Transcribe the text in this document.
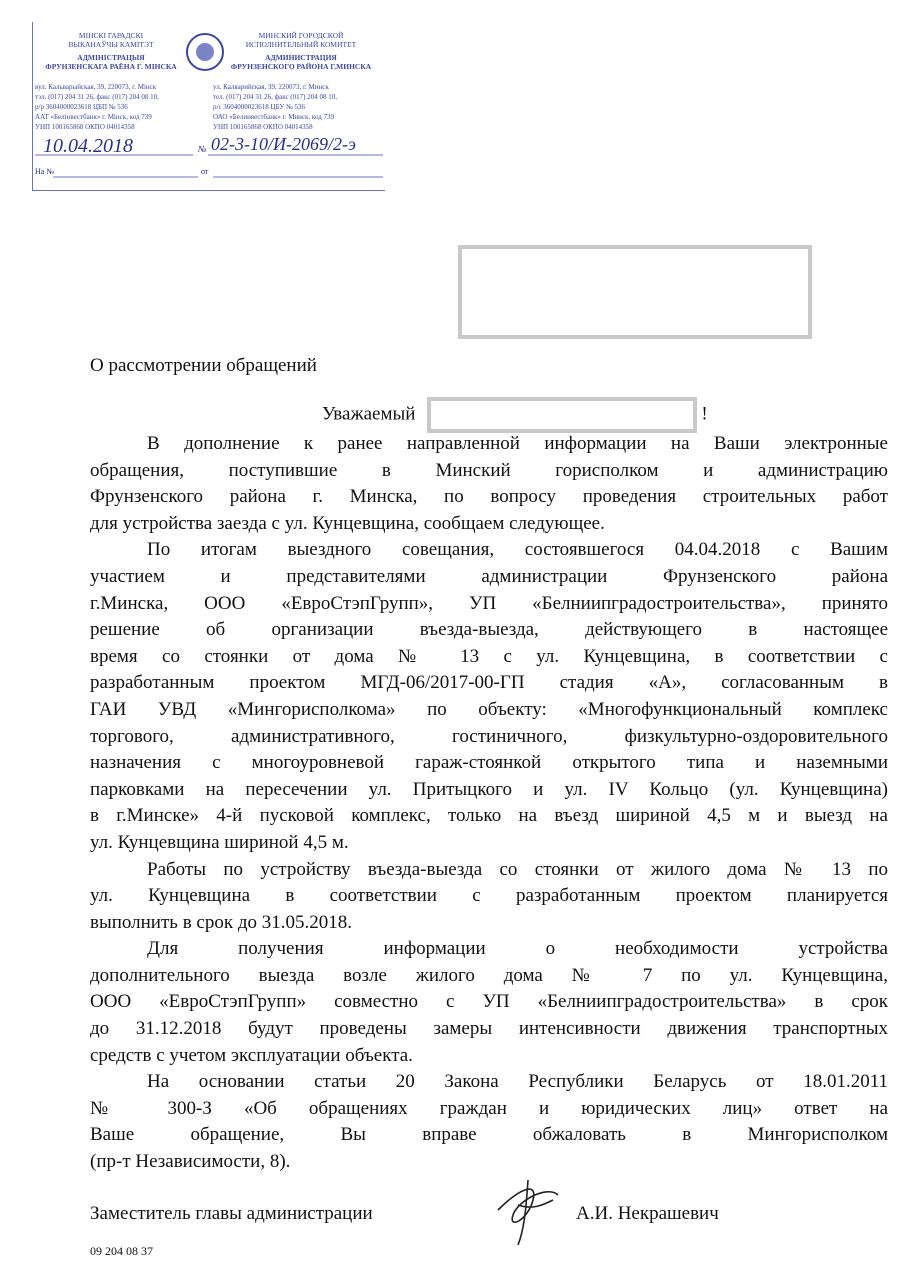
МІНСКІ ГАРАДСКІ
ВЫКАНАЎЧЫ КАМІТЭТ
АДМІНІСТРАЦЫЯ
ФРУНЗЕНСКАГА РАЁНА Г. МІНСКА
МИНСКИЙ ГОРОДСКОЙ
ИСПОЛНИТЕЛЬНЫЙ КОМИТЕТ
АДМИНИСТРАЦИЯ
ФРУНЗЕНСКОГО РАЙОНА Г.МИНСКА
вул. Кальварыйская, 39, 220073, г. Мінск
тэл. (017) 204 31 26, факс (017) 204 08 10,
р/р 3604000023618 ЦБП № 536
ААТ «Белінвестбанк» г. Мінск, код 739
УНП 100165868 ОКПО 04014358
ул. Калварийская, 39, 220073, г. Минск
тел. (017) 204 31 26, факс (017) 204 08 10,
р/с 3604000023618 ЦБУ № 536
ОАО «Белинвестбанк» г. Минск, код 739
УНП 100165868 ОКПО 04014358
10.04.2018	№ 02-3-10/И-2069/2-э
На №	от
О рассмотрении обращений
Уважаемый	!
В дополнение к ранее направленной информации на Ваши электронные
обращения, поступившие в Минский горисполком и администрацию
Фрунзенского района г. Минска, по вопросу проведения строительных работ
для устройства заезда с ул. Кунцевщина, сообщаем следующее.
По итогам выездного совещания, состоявшегося 04.04.2018 с Вашим
участием и представителями администрации Фрунзенского района
г.Минска, ООО «ЕвроСтэпГрупп», УП «Белниипградостроительства», принято
решение об организации въезда-выезда, действующего в настоящее
время со стоянки от дома № 13 с ул. Кунцевщина, в соответствии с
разработанным проектом МГД-06/2017-00-ГП стадия «А», согласованным в
ГАИ УВД «Мингорисполкома» по объекту: «Многофункциональный комплекс
торгового, административного, гостиничного, физкультурно-оздоровительного
назначения с многоуровневой гараж-стоянкой открытого типа и наземными
парковками на пересечении ул. Притыцкого и ул. IV Кольцо (ул. Кунцевщина)
в г.Минске» 4-й пусковой комплекс, только на въезд шириной 4,5 м и выезд на
ул. Кунцевщина шириной 4,5 м.
Работы по устройству въезда-выезда со стоянки от жилого дома № 13 по
ул. Кунцевщина в соответствии с разработанным проектом планируется
выполнить в срок до 31.05.2018.
Для получения информации о необходимости устройства
дополнительного выезда возле жилого дома № 7 по ул. Кунцевщина,
ООО «ЕвроСтэпГрупп» совместно с УП «Белниипградостроительства» в срок
до 31.12.2018 будут проведены замеры интенсивности движения транспортных
средств с учетом эксплуатации объекта.
На основании статьи 20 Закона Республики Беларусь от 18.01.2011
№ 300-З «Об обращениях граждан и юридических лиц» ответ на
Ваше обращение, Вы вправе обжаловать в Мингорисполком
(пр-т Независимости, 8).
Заместитель главы администрации	А.И. Некрашевич
09 204 08 37
